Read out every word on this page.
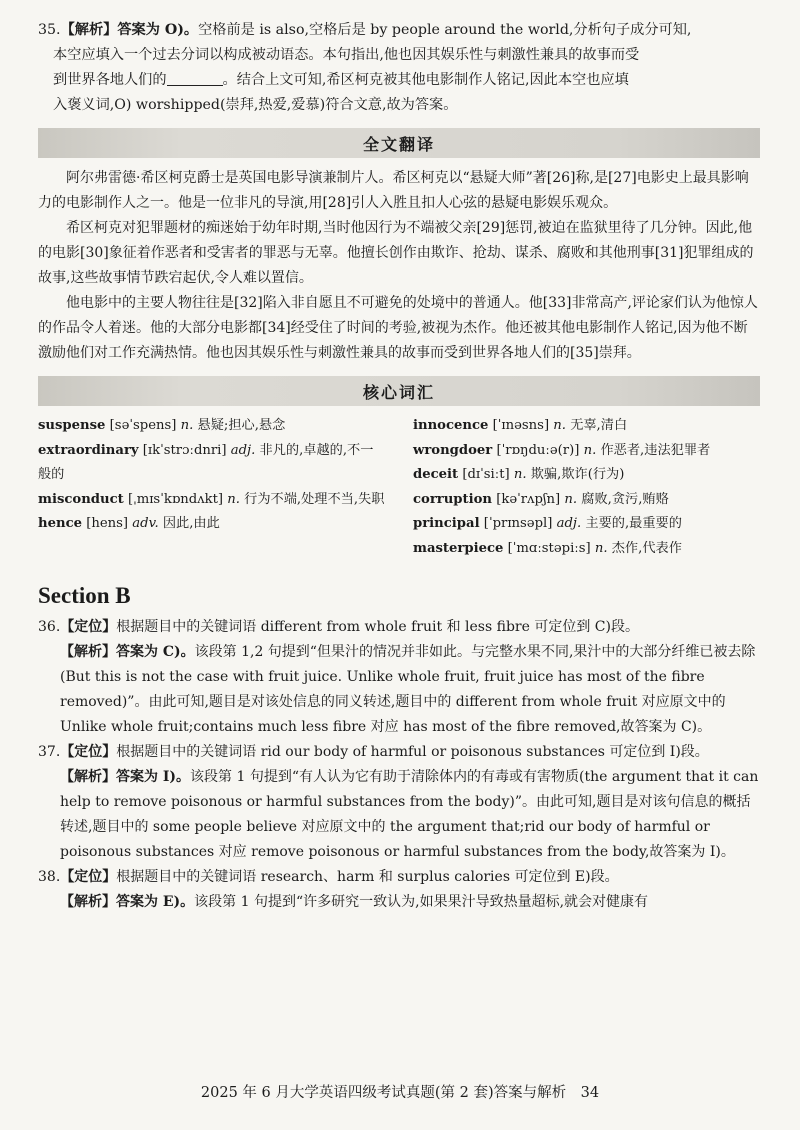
35.【解析】答案为 O)。空格前是 is also,空格后是 by people around the world,分析句子成分可知,

本空应填入一个过去分词以构成被动语态。本句指出,他也因其娱乐性与刺激性兼具的故事而受

到世界各地人们的	。结合上文可知,希区柯克被其他电影制作人铭记,因此本空也应填

入褒义词,O) worshipped(崇拜,热爱,爱慕)符合文意,故为答案。

全文翻译

阿尔弗雷德·希区柯克爵士是英国电影导演兼制片人。希区柯克以“悬疑大师”著[26]称,是[27]电影史上最具影响力的电影制作人之一。他是一位非凡的导演,用[28]引人入胜且扣人心弦的悬疑电影娱乐观众。

希区柯克对犯罪题材的痴迷始于幼年时期,当时他因行为不端被父亲[29]惩罚,被迫在监狱里待了几分钟。因此,他的电影[30]象征着作恶者和受害者的罪恶与无辜。他擅长创作由欺诈、抢劫、谋杀、腐败和其他刑事[31]犯罪组成的故事,这些故事情节跌宕起伏,令人难以置信。

他电影中的主要人物往往是[32]陷入非自愿且不可避免的处境中的普通人。他[33]非常高产,评论家们认为他惊人的作品令人着迷。他的大部分电影都[34]经受住了时间的考验,被视为杰作。他还被其他电影制作人铭记,因为他不断激励他们对工作充满热情。他也因其娱乐性与刺激性兼具的故事而受到世界各地人们的[35]崇拜。

核心词汇
suspense [səˈspens] n. 悬疑;担心,悬念
extraordinary [ɪkˈstrɔːdnri] adj. 非凡的,卓越的,不一般的
misconduct [ˌmɪsˈkɒndʌkt] n. 行为不端,处理不当,失职
hence [hens] adv. 因此,由此
innocence [ˈɪnəsns] n. 无辜,清白
wrongdoer [ˈrɒŋduːə(r)] n. 作恶者,违法犯罪者
deceit [dɪˈsiːt] n. 欺骗,欺诈(行为)
corruption [kəˈrʌpʃn] n. 腐败,贪污,贿赂
principal [ˈprɪnsəpl] adj. 主要的,最重要的
masterpiece [ˈmɑːstəpiːs] n. 杰作,代表作
Section B

36.【定位】根据题目中的关键词语 different from whole fruit 和 less fibre 可定位到 C)段。

【解析】答案为 C)。该段第 1,2 句提到“但果汁的情况并非如此。与完整水果不同,果汁中的大部分纤维已被去除(But this is not the case with fruit juice. Unlike whole fruit, fruit juice has most of the fibre removed)”。由此可知,题目是对该处信息的同义转述,题目中的 different from whole fruit 对应原文中的 Unlike whole fruit;contains much less fibre 对应 has most of the fibre removed,故答案为 C)。

37.【定位】根据题目中的关键词语 rid our body of harmful or poisonous substances 可定位到 I)段。

【解析】答案为 I)。该段第 1 句提到“有人认为它有助于清除体内的有毒或有害物质(the argument that it can help to remove poisonous or harmful substances from the body)”。由此可知,题目是对该句信息的概括转述,题目中的 some people believe 对应原文中的 the argument that;rid our body of harmful or poisonous substances 对应 remove poisonous or harmful substances from the body,故答案为 I)。

38.【定位】根据题目中的关键词语 research、harm 和 surplus calories 可定位到 E)段。

【解析】答案为 E)。该段第 1 句提到“许多研究一致认为,如果果汁导致热量超标,就会对健康有

2025 年 6 月大学英语四级考试真题(第 2 套)答案与解析　34
